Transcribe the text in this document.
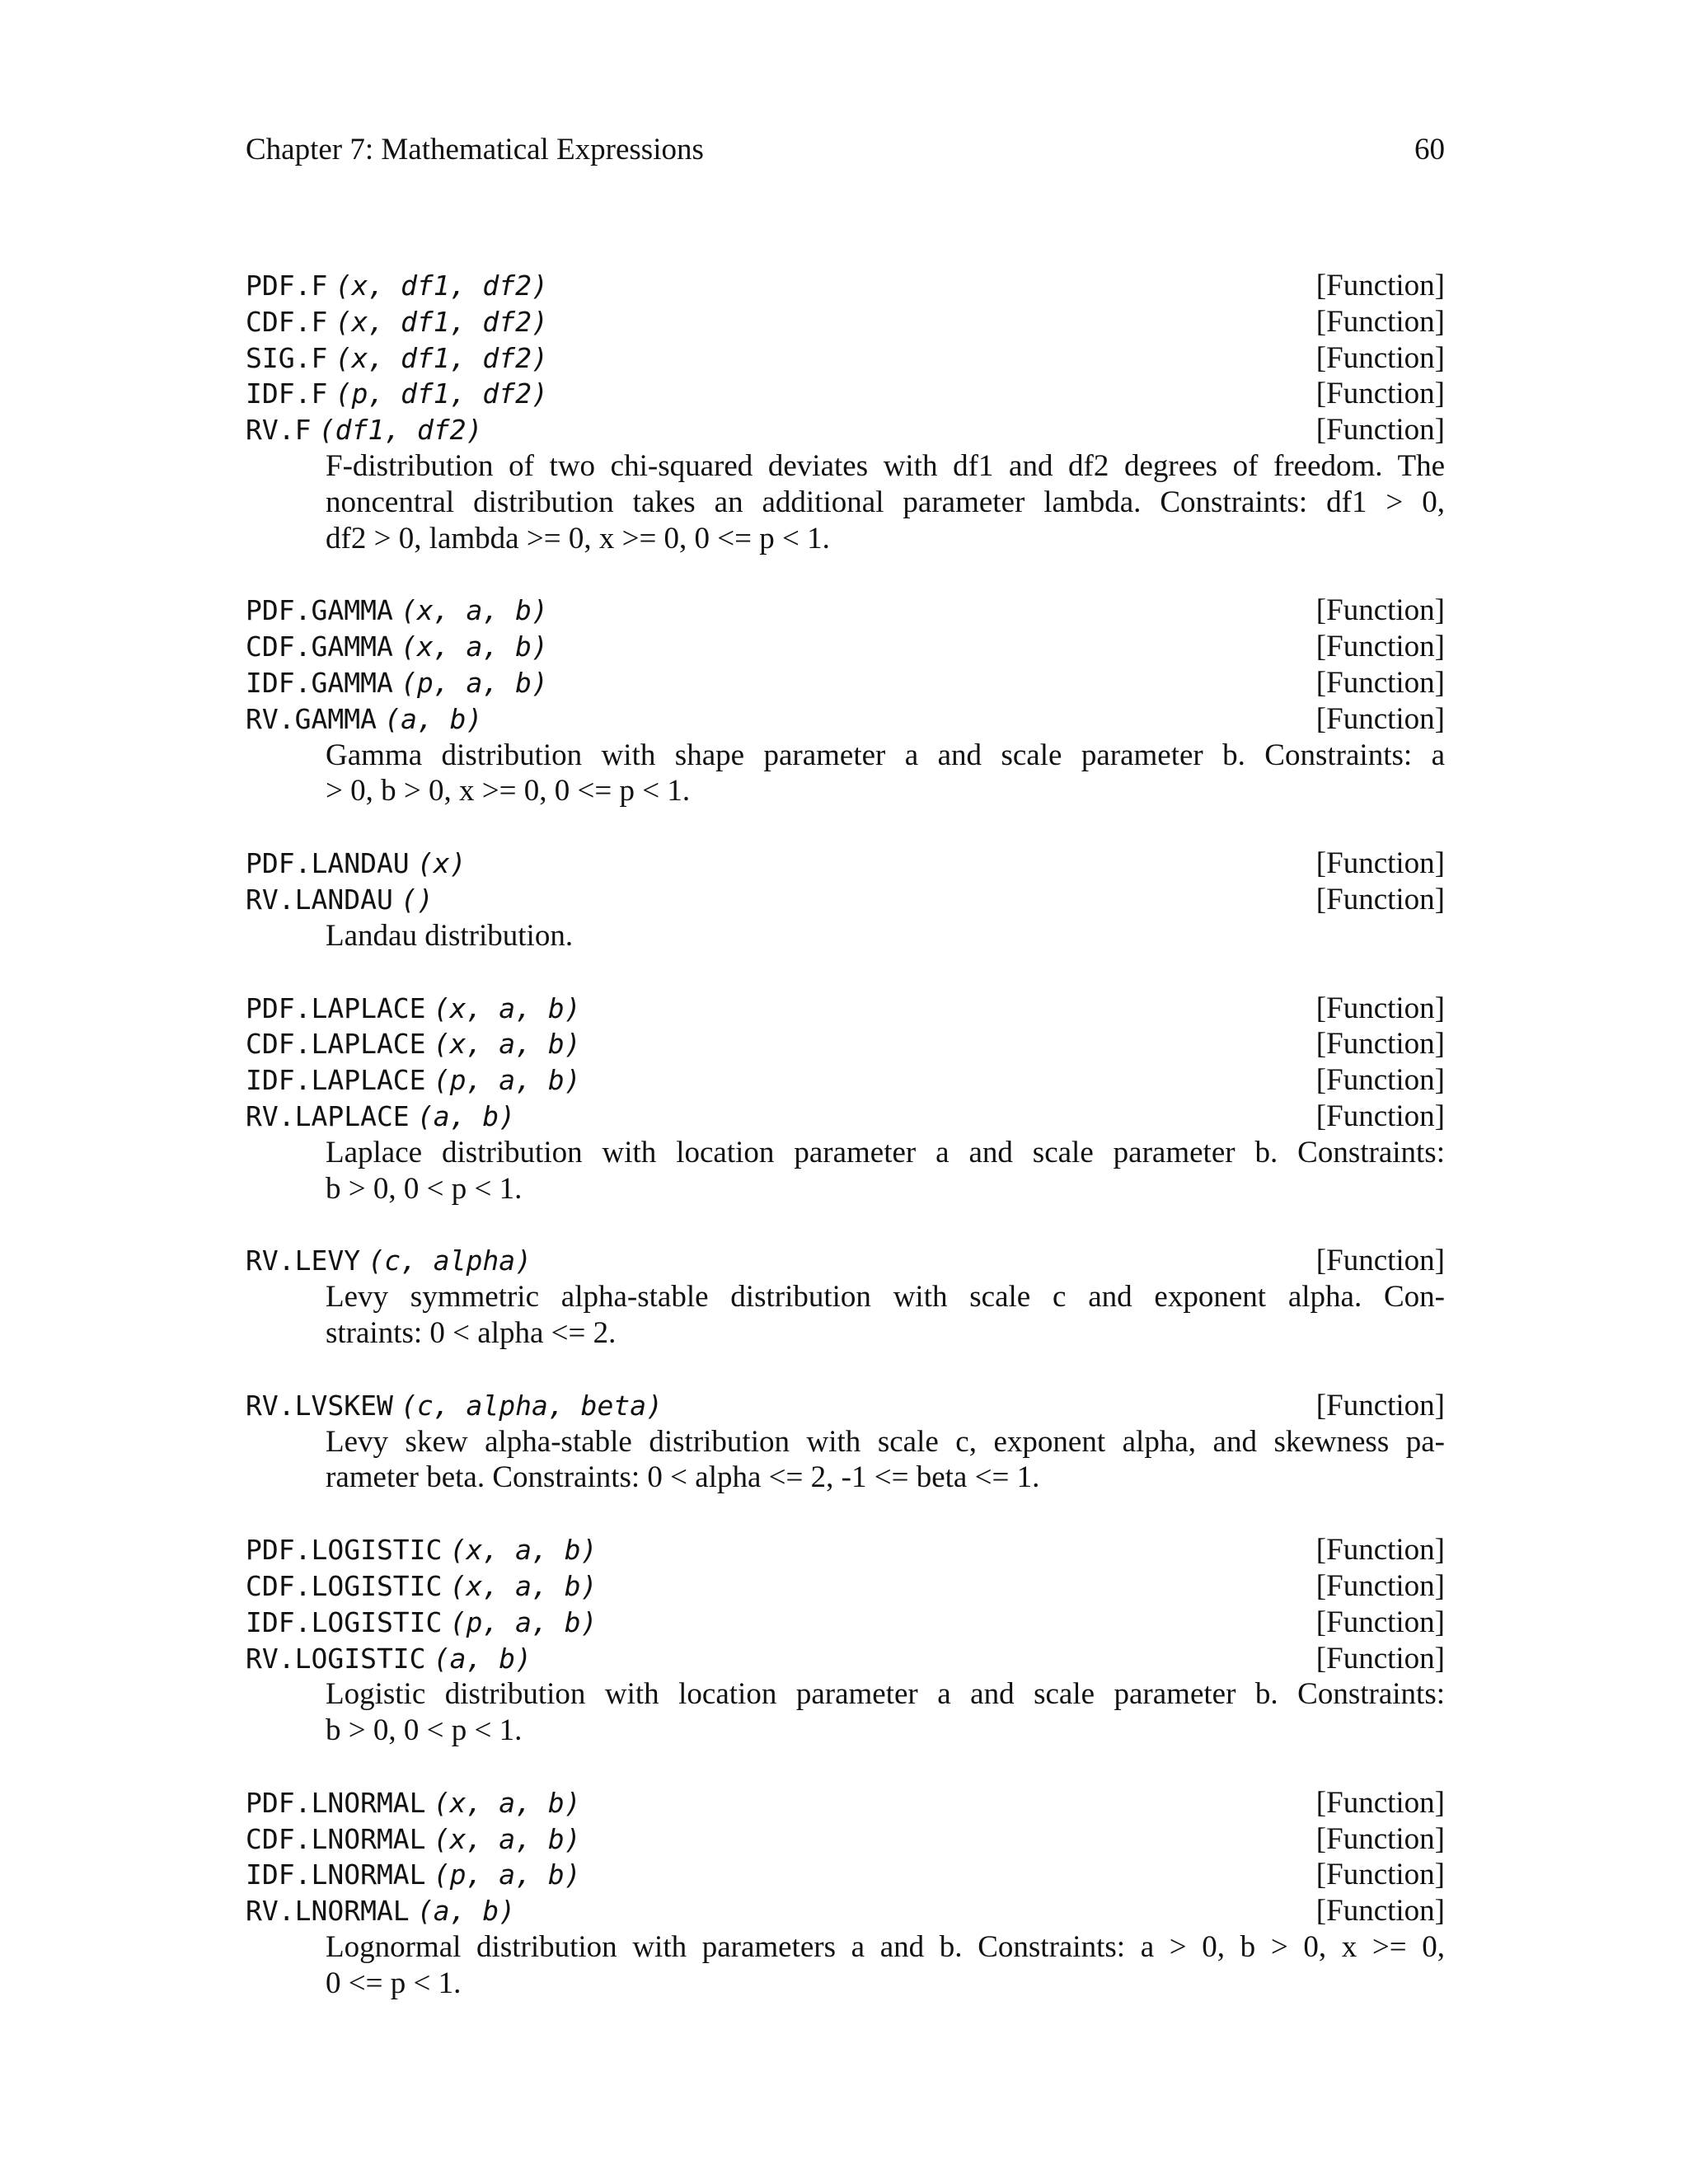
Chapter 7: Mathematical Expressions	60
PDF.F (x, df1, df2)	[Function]
CDF.F (x, df1, df2)	[Function]
SIG.F (x, df1, df2)	[Function]
IDF.F (p, df1, df2)	[Function]
RV.F (df1, df2)	[Function]
F-distribution of two chi-squared deviates with df1 and df2 degrees of freedom. The
noncentral distribution takes an additional parameter lambda. Constraints: df1 > 0,
df2 > 0, lambda >= 0, x >= 0, 0 <= p < 1.
PDF.GAMMA (x, a, b)	[Function]
CDF.GAMMA (x, a, b)	[Function]
IDF.GAMMA (p, a, b)	[Function]
RV.GAMMA (a, b)	[Function]
Gamma distribution with shape parameter a and scale parameter b. Constraints: a
> 0, b > 0, x >= 0, 0 <= p < 1.
PDF.LANDAU (x)	[Function]
RV.LANDAU ()	[Function]
Landau distribution.
PDF.LAPLACE (x, a, b)	[Function]
CDF.LAPLACE (x, a, b)	[Function]
IDF.LAPLACE (p, a, b)	[Function]
RV.LAPLACE (a, b)	[Function]
Laplace distribution with location parameter a and scale parameter b. Constraints:
b > 0, 0 < p < 1.
RV.LEVY (c, alpha)	[Function]
Levy symmetric alpha-stable distribution with scale c and exponent alpha. Con-
straints: 0 < alpha <= 2.
RV.LVSKEW (c, alpha, beta)	[Function]
Levy skew alpha-stable distribution with scale c, exponent alpha, and skewness pa-
rameter beta. Constraints: 0 < alpha <= 2, -1 <= beta <= 1.
PDF.LOGISTIC (x, a, b)	[Function]
CDF.LOGISTIC (x, a, b)	[Function]
IDF.LOGISTIC (p, a, b)	[Function]
RV.LOGISTIC (a, b)	[Function]
Logistic distribution with location parameter a and scale parameter b. Constraints:
b > 0, 0 < p < 1.
PDF.LNORMAL (x, a, b)	[Function]
CDF.LNORMAL (x, a, b)	[Function]
IDF.LNORMAL (p, a, b)	[Function]
RV.LNORMAL (a, b)	[Function]
Lognormal distribution with parameters a and b. Constraints: a > 0, b > 0, x >= 0,
0 <= p < 1.
